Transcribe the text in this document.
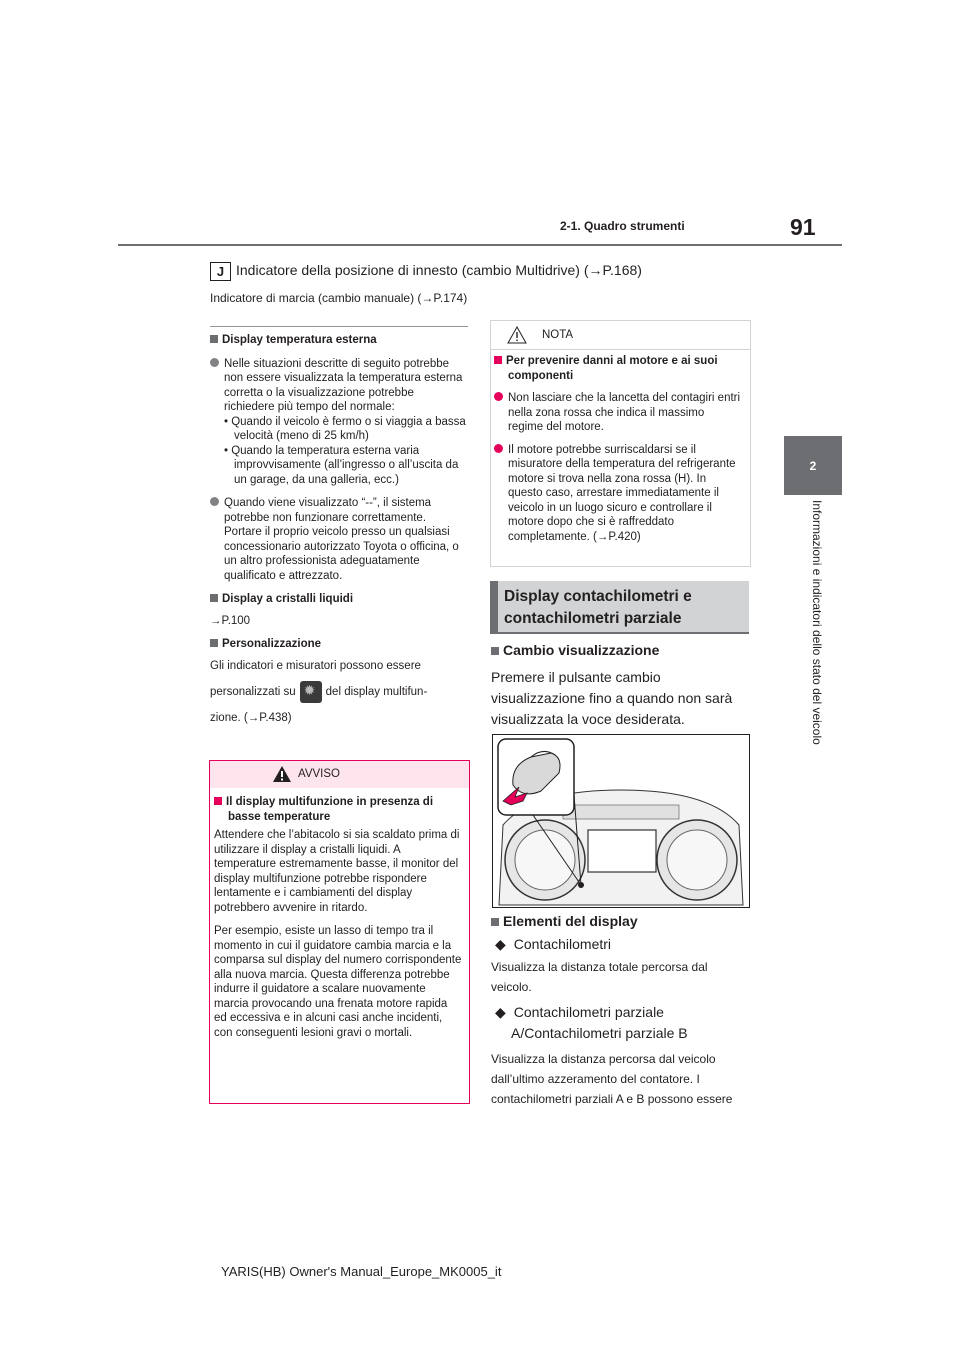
2-1. Quadro strumenti	91
2
Informazioni e indicatori dello stato del veicolo
J Indicatore della posizione di innesto (cambio Multidrive) (→P.168)
Indicatore di marcia (cambio manuale) (→P.174)
Display temperatura esterna
Nelle situazioni descritte di seguito potrebbe non essere visualizzata la temperatura esterna corretta o la visualizzazione potrebbe richiedere più tempo del normale:
• Quando il veicolo è fermo o si viaggia a bassa velocità (meno di 25 km/h)
• Quando la temperatura esterna varia improvvisamente (all’ingresso o all’uscita da un garage, da una galleria, ecc.)
Quando viene visualizzato “--”, il sistema potrebbe non funzionare correttamente. Portare il proprio veicolo presso un qualsiasi concessionario autorizzato Toyota o officina, o un altro professionista adeguatamente qualificato e attrezzato.
Display a cristalli liquidi
→P.100
Personalizzazione
Gli indicatori e misuratori possono essere
personalizzati su✹	del display multifun-
zione. (→P.438)
AVVISO
Il display multifunzione in presenza di basse temperature
Attendere che l’abitacolo si sia scaldato prima di utilizzare il display a cristalli liquidi. A temperature estremamente basse, il monitor del display multifunzione potrebbe rispondere lentamente e i cambiamenti del display potrebbero avvenire in ritardo.
Per esempio, esiste un lasso di tempo tra il momento in cui il guidatore cambia marcia e la comparsa sul display del numero corrispondente alla nuova marcia. Questa differenza potrebbe indurre il guidatore a scalare nuovamente marcia provocando una frenata motore rapida ed eccessiva e in alcuni casi anche incidenti, con conseguenti lesioni gravi o mortali.
NOTA
Per prevenire danni al motore e ai suoi componenti
Non lasciare che la lancetta del contagiri entri nella zona rossa che indica il massimo regime del motore.
Il motore potrebbe surriscaldarsi se il misuratore della temperatura del refrigerante motore si trova nella zona rossa (H). In questo caso, arrestare immediatamente il veicolo in un luogo sicuro e controllare il motore dopo che si è raffreddato completamente. (→P.420)
Display contachilometri e contachilometri parziale
Cambio visualizzazione
Premere il pulsante cambio visualizzazione fino a quando non sarà visualizzata la voce desiderata.
Elementi del display
◆ Contachilometri
Visualizza la distanza totale percorsa dal veicolo.
◆ Contachilometri parziale A/Contachilometri parziale B
Visualizza la distanza percorsa dal veicolo dall’ultimo azzeramento del contatore. I contachilometri parziali A e B possono essere
YARIS(HB) Owner's Manual_Europe_MK0005_it
